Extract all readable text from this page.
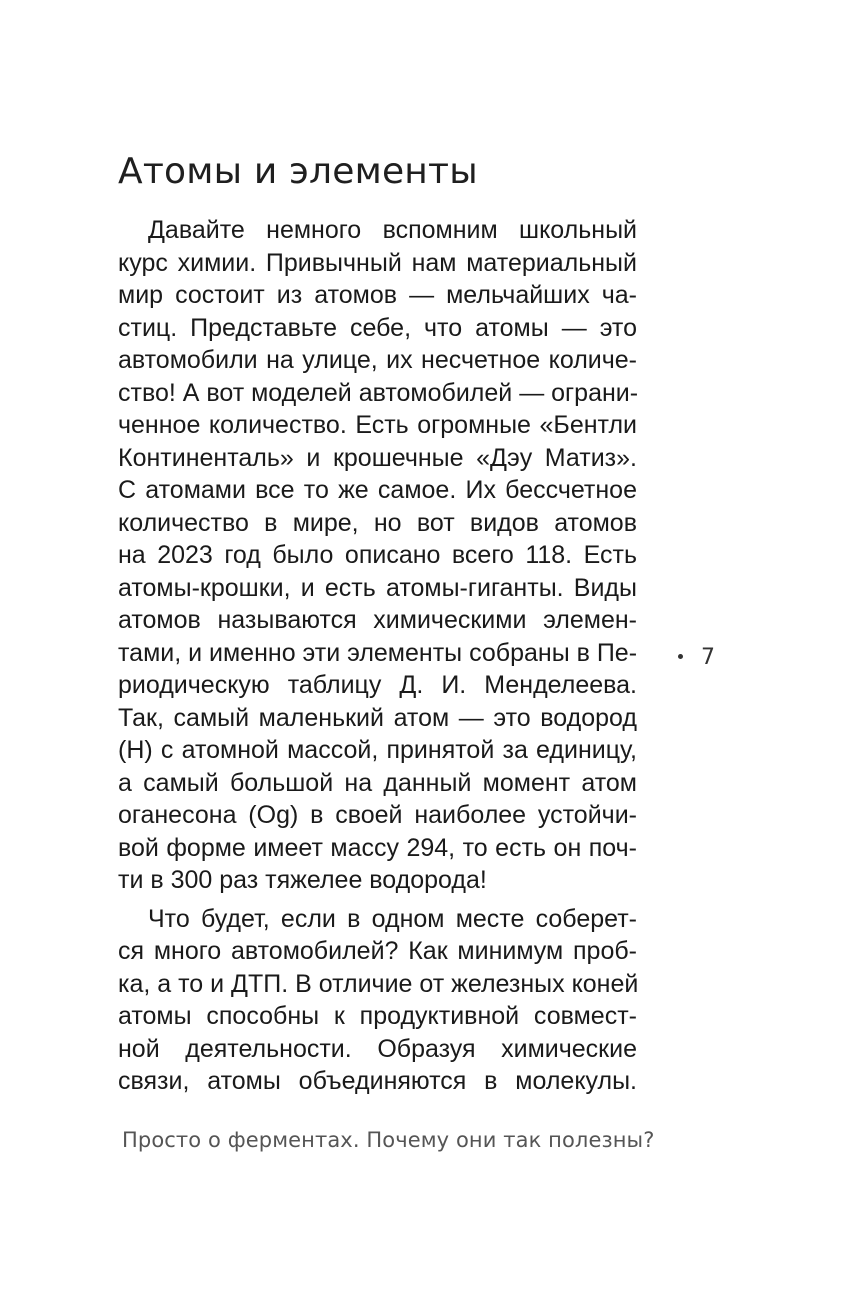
Атомы и элементы
Давайте немного вспомним школьный
курс химии. Привычный нам материальный
мир состоит из атомов — мельчайших ча-
стиц. Представьте себе, что атомы — это
автомобили на улице, их несчетное количе-
ство! А вот моделей автомобилей — ограни-
ченное количество. Есть огромные «Бентли
Континенталь» и крошечные «Дэу Матиз».
С атомами все то же самое. Их бессчетное
количество в мире, но вот видов атомов
на 2023 год было описано всего 118. Есть
атомы-крошки, и есть атомы-гиганты. Виды
атомов называются химическими элемен-
тами, и именно эти элементы собраны в Пе-
риодическую таблицу Д. И. Менделеева.
Так, самый маленький атом — это водород
(H) с атомной массой, принятой за единицу,
а самый большой на данный момент атом
оганесона (Og) в своей наиболее устойчи-
вой форме имеет массу 294, то есть он поч-
ти в 300 раз тяжелее водорода!
Что будет, если в одном месте соберет-
ся много автомобилей? Как минимум проб-
ка, а то и ДТП. В отличие от железных коней
атомы способны к продуктивной совмест-
ной деятельности. Образуя химические
связи, атомы объединяются в молекулы.
7
Просто о ферментах. Почему они так полезны?
